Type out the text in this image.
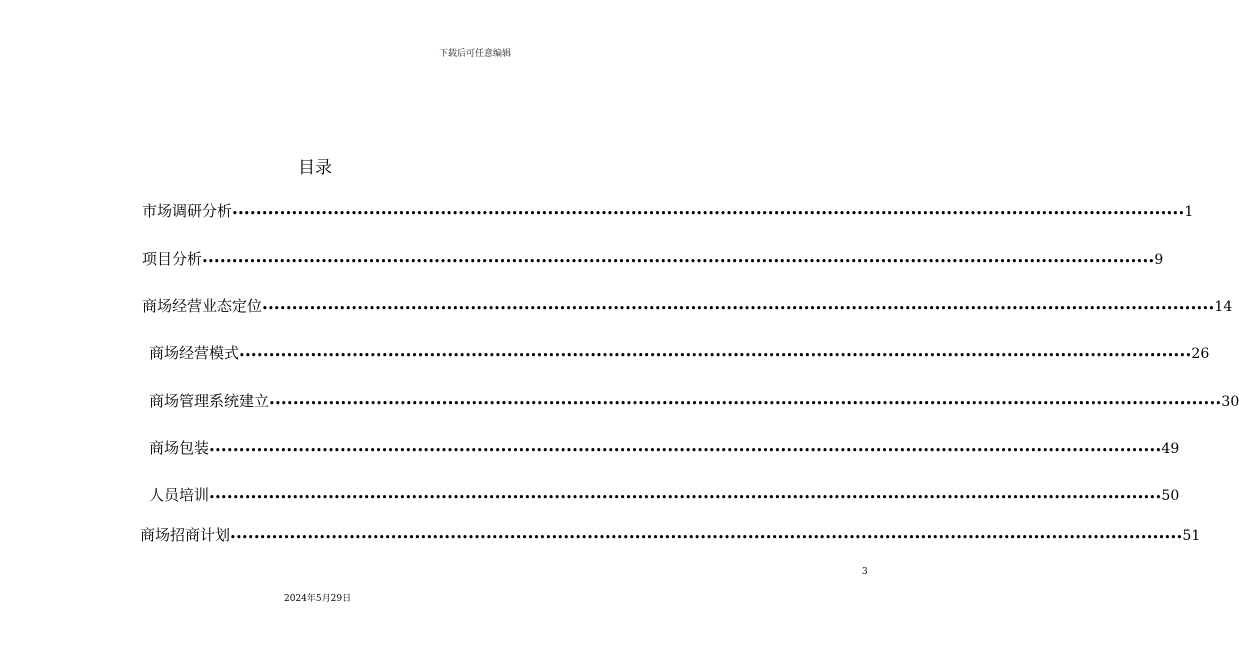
下载后可任意编辑
目录
市场调研分析 •••••••••••••••••••••••••••••••••••••••••••••••••••••••••••••••••••••••••••••••••••••••••••••••••••••••••••••••••••••••••••••••••••••••••••••••••••••••••••••••• 1
项目分析 •••••••••••••••••••••••••••••••••••••••••••••••••••••••••••••••••••••••••••••••••••••••••••••••••••••••••••••••••••••••••••••••••••••••••••••••••••••••••••••••• 9
商场经营业态定位 •••••••••••••••••••••••••••••••••••••••••••••••••••••••••••••••••••••••••••••••••••••••••••••••••••••••••••••••••••••••••••••••••••••••••••••••••••••••••••••••• 14
商场经营模式 •••••••••••••••••••••••••••••••••••••••••••••••••••••••••••••••••••••••••••••••••••••••••••••••••••••••••••••••••••••••••••••••••••••••••••••••••••••••••••••••• 26
商场管理系统建立 •••••••••••••••••••••••••••••••••••••••••••••••••••••••••••••••••••••••••••••••••••••••••••••••••••••••••••••••••••••••••••••••••••••••••••••••••••••••••••••••• 30
商场包装 •••••••••••••••••••••••••••••••••••••••••••••••••••••••••••••••••••••••••••••••••••••••••••••••••••••••••••••••••••••••••••••••••••••••••••••••••••••••••••••••• 49
人员培训 •••••••••••••••••••••••••••••••••••••••••••••••••••••••••••••••••••••••••••••••••••••••••••••••••••••••••••••••••••••••••••••••••••••••••••••••••••••••••••••••• 50
商场招商计划 •••••••••••••••••••••••••••••••••••••••••••••••••••••••••••••••••••••••••••••••••••••••••••••••••••••••••••••••••••••••••••••••••••••••••••••••••••••••••••••••• 51
3
2024年5月29日
